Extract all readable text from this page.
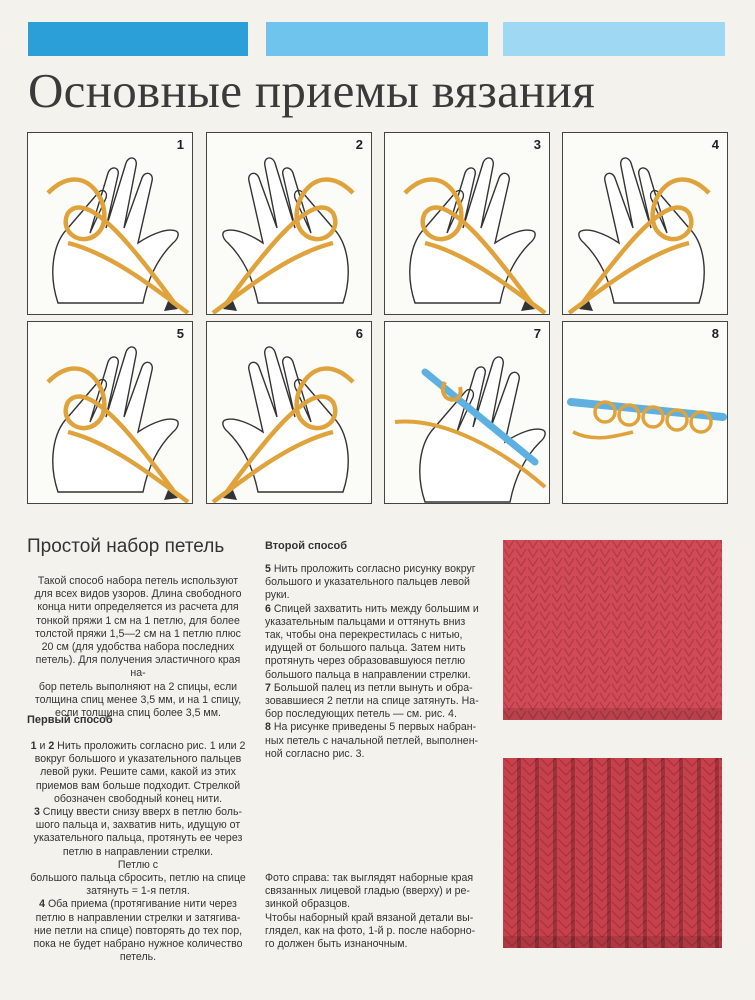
Основные приемы вязания
1	2	3	4
5	6	7	8
Простой набор петель

Такой способ набора петель используют

для всех видов узоров. Длина свободного

конца нити определяется из расчета для

тонкой пряжи 1 см на 1 петлю, для более

толстой пряжи 1,5—2 см на 1 петлю плюс

20 см (для удобства набора последних

петель). Для получения эластичного края на-

бор петель выполняют на 2 спицы, если

толщина спиц менее 3,5 мм, и на 1 спицу,

если толщина спиц более 3,5 мм.

Первый способ

1 и 2 Нить проложить согласно рис. 1 или 2

вокруг большого и указательного пальцев

левой руки. Решите сами, какой из этих

приемов вам больше подходит. Стрелкой

обозначен свободный конец нити.

3 Спицу ввести снизу вверх в петлю боль-

шого пальца и, захватив нить, идущую от

указательного пальца, протянуть ее через

петлю в направлении стрелки.

Петлю с

большого пальца сбросить, петлю на спице

затянуть = 1-я петля.

4 Оба приема (протягивание нити через

петлю в направлении стрелки и затягива-

ние петли на спице) повторять до тех пор,

пока не будет набрано нужное количество

петель.

Второй способ

5 Нить проложить согласно рисунку вокруг

большого и указательного пальцев левой

руки.

6 Спицей захватить нить между большим и

указательным пальцами и оттянуть вниз

так, чтобы она перекрестилась с нитью,

идущей от большого пальца. Затем нить

протянуть через образовавшуюся петлю

большого пальца в направлении стрелки.

7 Большой палец из петли вынуть и обра-

зовавшиеся 2 петли на спице затянуть. На-

бор последующих петель — см. рис. 4.

8 На рисунке приведены 5 первых набран-

ных петель с начальной петлей, выполнен-

ной согласно рис. 3.

Фото справа: так выглядят наборные края

связанных лицевой гладью (вверху) и ре-

зинкой образцов.

Чтобы наборный край вязаной детали вы-

глядел, как на фото, 1-й р. после наборно-

го должен быть изнаночным.
